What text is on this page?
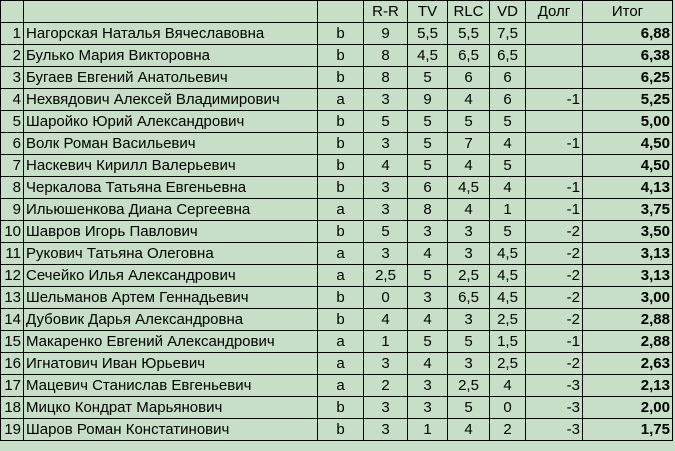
			R-R	TV	RLC	VD	Долг	Итог
1	Нагорская Наталья Вячеславовна	b	9	5,5	5,5	7,5		6,88
2	Булько Мария Викторовна	b	8	4,5	6,5	6,5		6,38
3	Бугаев Евгений Анатольевич	b	8	5	6	6		6,25
4	Нехвядович Алексей Владимирович	a	3	9	4	6	-1	5,25
5	Шаройко Юрий Александрович	b	5	5	5	5		5,00
6	Волк Роман Васильевич	b	3	5	7	4	-1	4,50
7	Наскевич Кирилл Валерьевич	b	4	5	4	5		4,50
8	Черкалова Татьяна Евгеньевна	b	3	6	4,5	4	-1	4,13
9	Ильюшенкова Диана Сергеевна	a	3	8	4	1	-1	3,75
10	Шавров Игорь Павлович	b	5	3	3	5	-2	3,50
11	Рукович Татьяна Олеговна	a	3	4	3	4,5	-2	3,13
12	Сечейко Илья Александрович	a	2,5	5	2,5	4,5	-2	3,13
13	Шельманов Артем Геннадьевич	b	0	3	6,5	4,5	-2	3,00
14	Дубовик Дарья Александровна	b	4	4	3	2,5	-2	2,88
15	Макаренко Евгений Александрович	a	1	5	5	1,5	-1	2,88
16	Игнатович Иван Юрьевич	a	3	4	3	2,5	-2	2,63
17	Мацевич Станислав Евгеньевич	a	2	3	2,5	4	-3	2,13
18	Мицко Кондрат Марьянович	b	3	3	5	0	-3	2,00
19	Шаров Роман Констатинович	b	3	1	4	2	-3	1,75
